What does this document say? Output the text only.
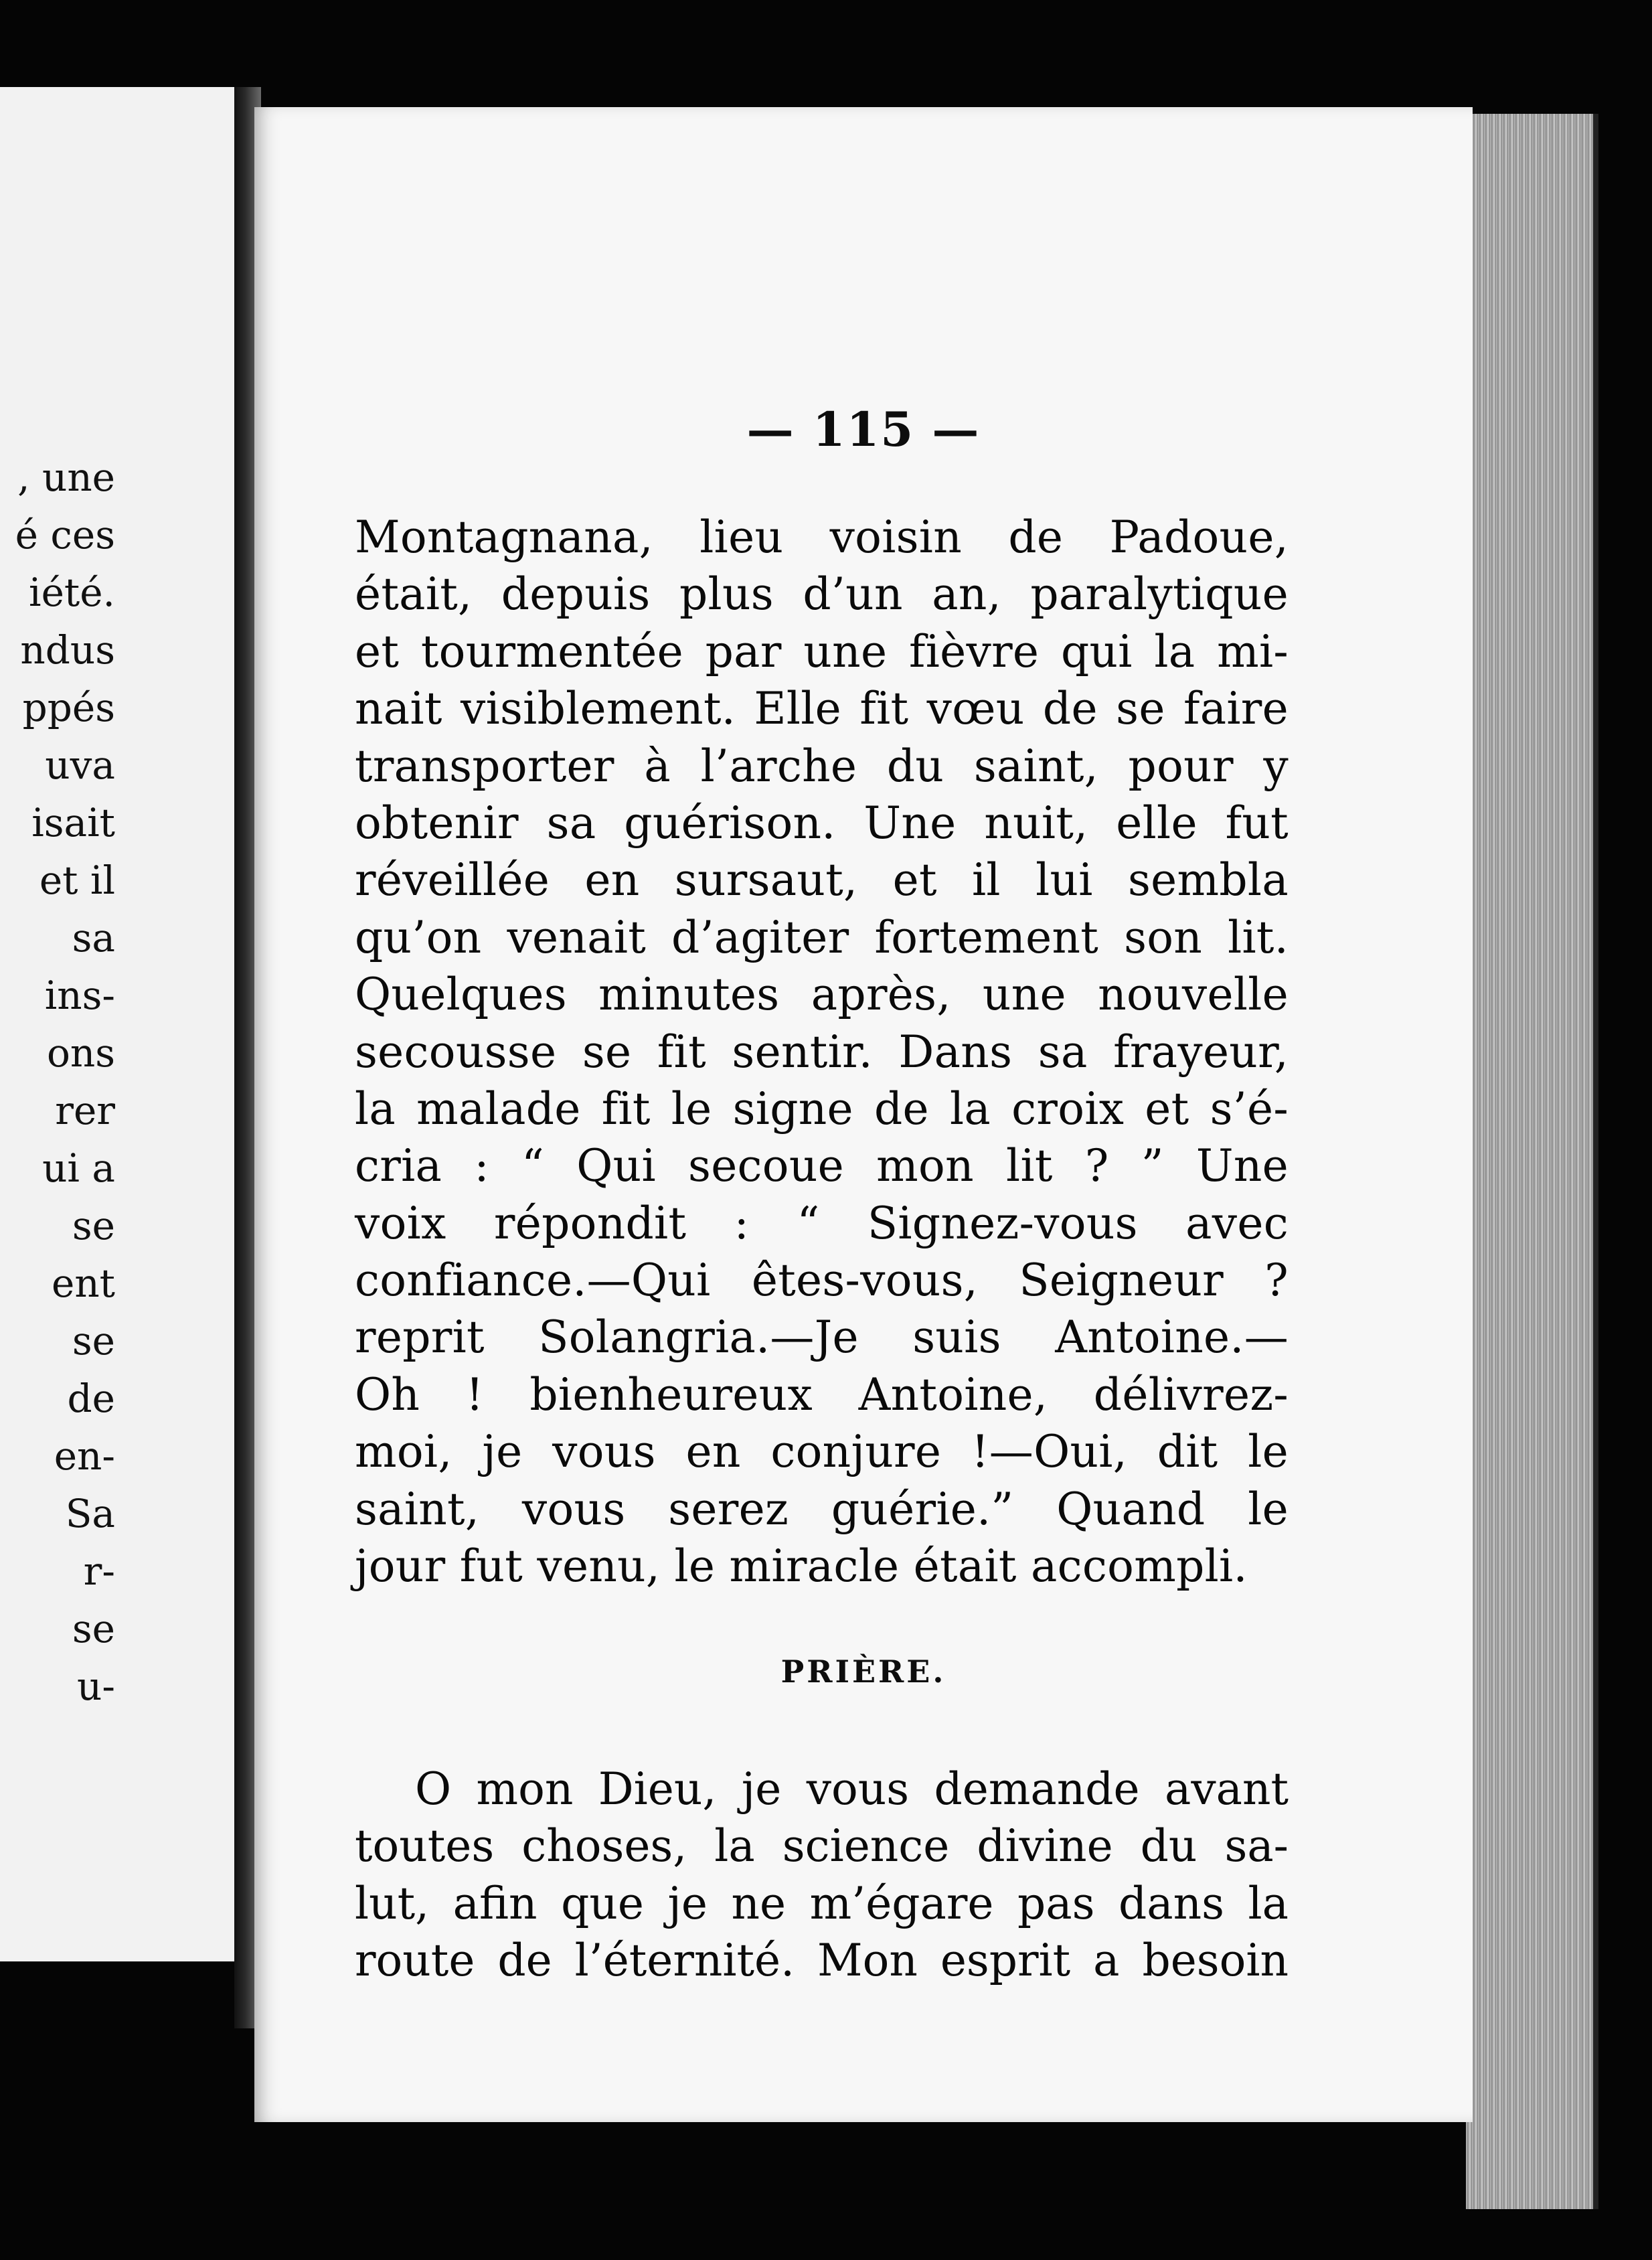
, une
é ces
iété.
ndus
ppés
uva
isait
et il
sa
ins-
ons
rer
ui a
se
ent
se
de
en-
Sa
r-
se
u-
— 115 —
Montagnana, lieu voisin de Padoue,
était, depuis plus d’un an, paralytique
et tourmentée par une fièvre qui la mi-
nait visiblement. Elle fit vœu de se faire
transporter à l’arche du saint, pour y
obtenir sa guérison. Une nuit, elle fut
réveillée en sursaut, et il lui sembla
qu’on venait d’agiter fortement son lit.
Quelques minutes après, une nouvelle
secousse se fit sentir. Dans sa frayeur,
la malade fit le signe de la croix et s’é-
cria : “ Qui secoue mon lit ? ” Une
voix répondit : “ Signez-vous avec
confiance.—Qui êtes-vous, Seigneur ?
reprit Solangria.—Je suis Antoine.—
Oh ! bienheureux Antoine, délivrez-
moi, je vous en conjure !—Oui, dit le
saint, vous serez guérie.” Quand le
jour fut venu, le miracle était accompli.
PRIÈRE.
O mon Dieu, je vous demande avant
toutes choses, la science divine du sa-
lut, afin que je ne m’égare pas dans la
route de l’éternité. Mon esprit a besoin
